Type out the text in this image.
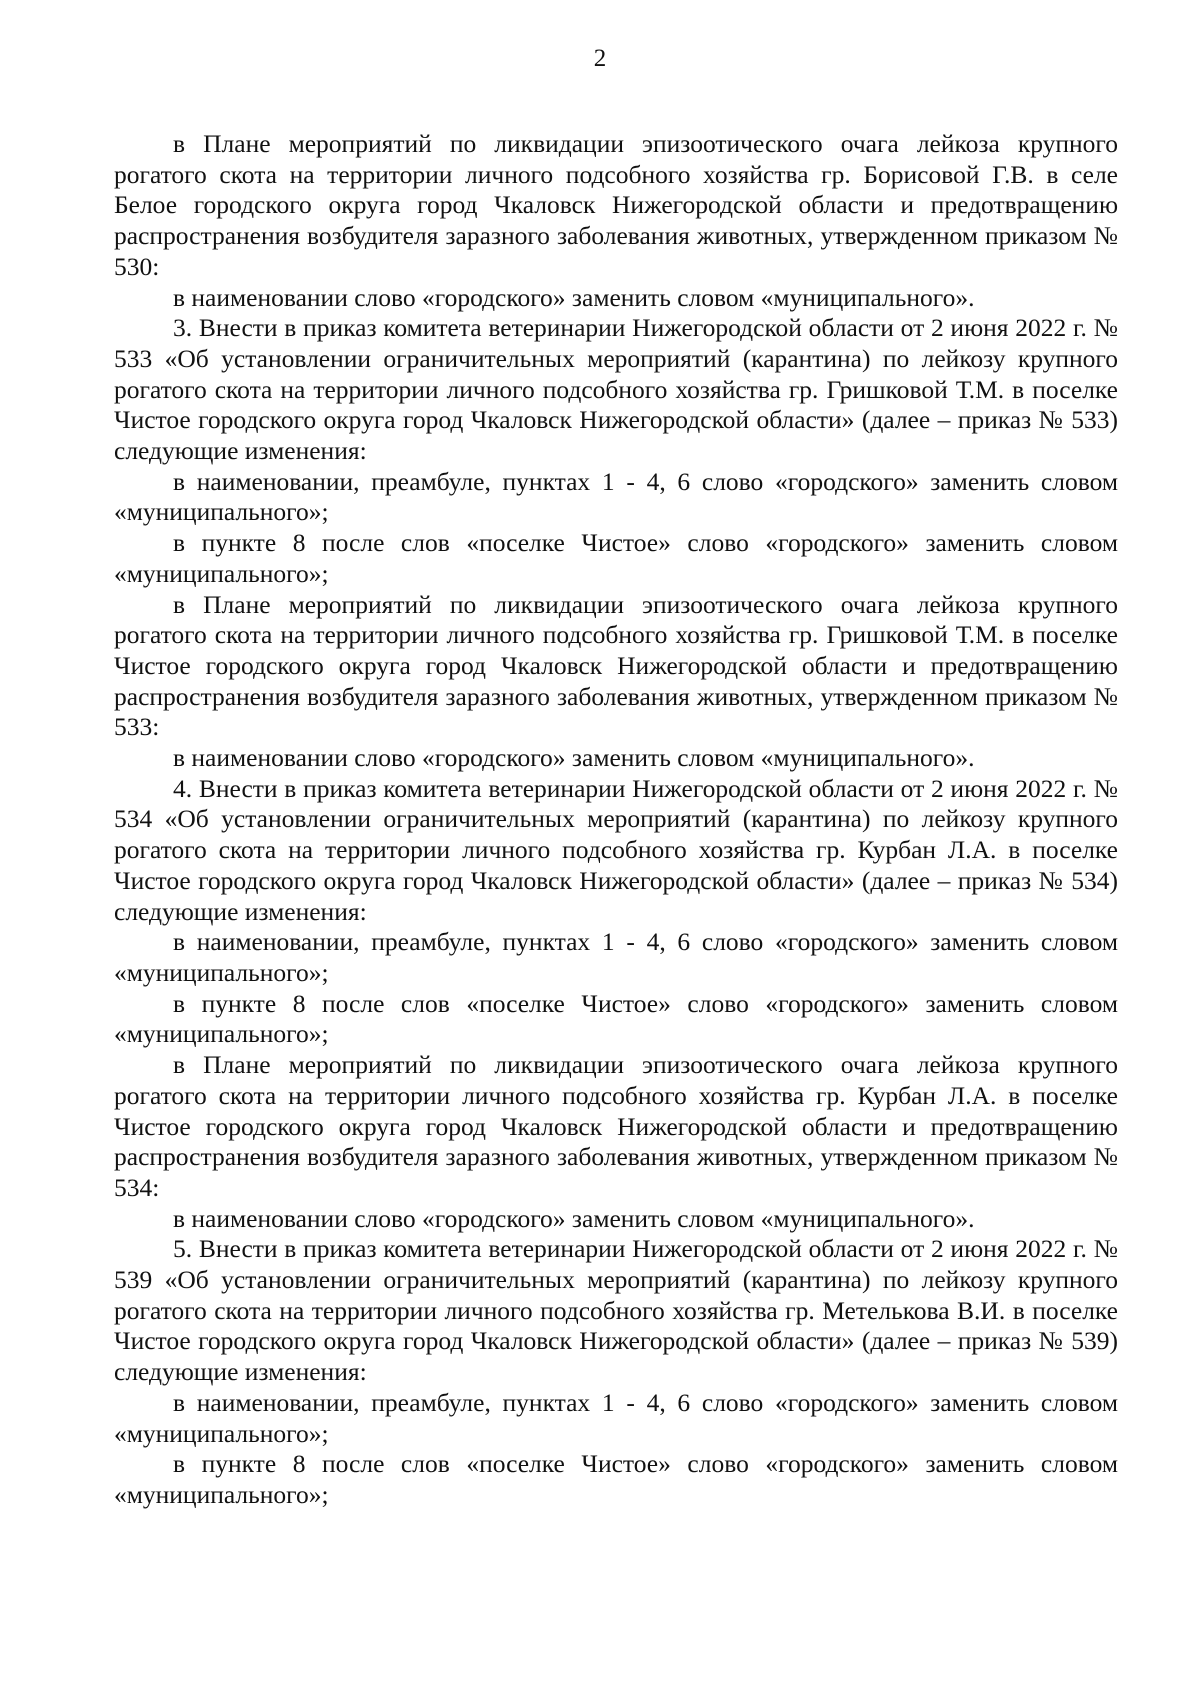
2

в Плане мероприятий по ликвидации эпизоотического очага лейкоза крупного рогатого скота на территории личного подсобного хозяйства гр. Борисовой Г.В. в селе Белое городского округа город Чкаловск Нижегородской области и предотвращению распространения возбудителя заразного заболевания животных, утвержденном приказом № 530:

в наименовании слово «городского» заменить словом «муниципального».

3. Внести в приказ комитета ветеринарии Нижегородской области от 2 июня 2022 г. № 533 «Об установлении ограничительных мероприятий (карантина) по лейкозу крупного рогатого скота на территории личного подсобного хозяйства гр. Гришковой Т.М. в поселке Чистое городского округа город Чкаловск Нижегородской области» (далее – приказ № 533) следующие изменения:

в наименовании, преамбуле, пунктах 1 - 4, 6 слово «городского» заменить словом «муниципального»;

в пункте 8 после слов «поселке Чистое» слово «городского» заменить словом «муниципального»;

в Плане мероприятий по ликвидации эпизоотического очага лейкоза крупного рогатого скота на территории личного подсобного хозяйства гр. Гришковой Т.М. в поселке Чистое городского округа город Чкаловск Нижегородской области и предотвращению распространения возбудителя заразного заболевания животных, утвержденном приказом № 533:

в наименовании слово «городского» заменить словом «муниципального».

4. Внести в приказ комитета ветеринарии Нижегородской области от 2 июня 2022 г. № 534 «Об установлении ограничительных мероприятий (карантина) по лейкозу крупного рогатого скота на территории личного подсобного хозяйства гр. Курбан Л.А. в поселке Чистое городского округа город Чкаловск Нижегородской области» (далее – приказ № 534) следующие изменения:

в наименовании, преамбуле, пунктах 1 - 4, 6 слово «городского» заменить словом «муниципального»;

в пункте 8 после слов «поселке Чистое» слово «городского» заменить словом «муниципального»;

в Плане мероприятий по ликвидации эпизоотического очага лейкоза крупного рогатого скота на территории личного подсобного хозяйства гр. Курбан Л.А. в поселке Чистое городского округа город Чкаловск Нижегородской области и предотвращению распространения возбудителя заразного заболевания животных, утвержденном приказом № 534:

в наименовании слово «городского» заменить словом «муниципального».

5. Внести в приказ комитета ветеринарии Нижегородской области от 2 июня 2022 г. № 539 «Об установлении ограничительных мероприятий (карантина) по лейкозу крупного рогатого скота на территории личного подсобного хозяйства гр. Метелькова В.И. в поселке Чистое городского округа город Чкаловск Нижегородской области» (далее – приказ № 539) следующие изменения:

в наименовании, преамбуле, пунктах 1 - 4, 6 слово «городского» заменить словом «муниципального»;

в пункте 8 после слов «поселке Чистое» слово «городского» заменить словом «муниципального»;
